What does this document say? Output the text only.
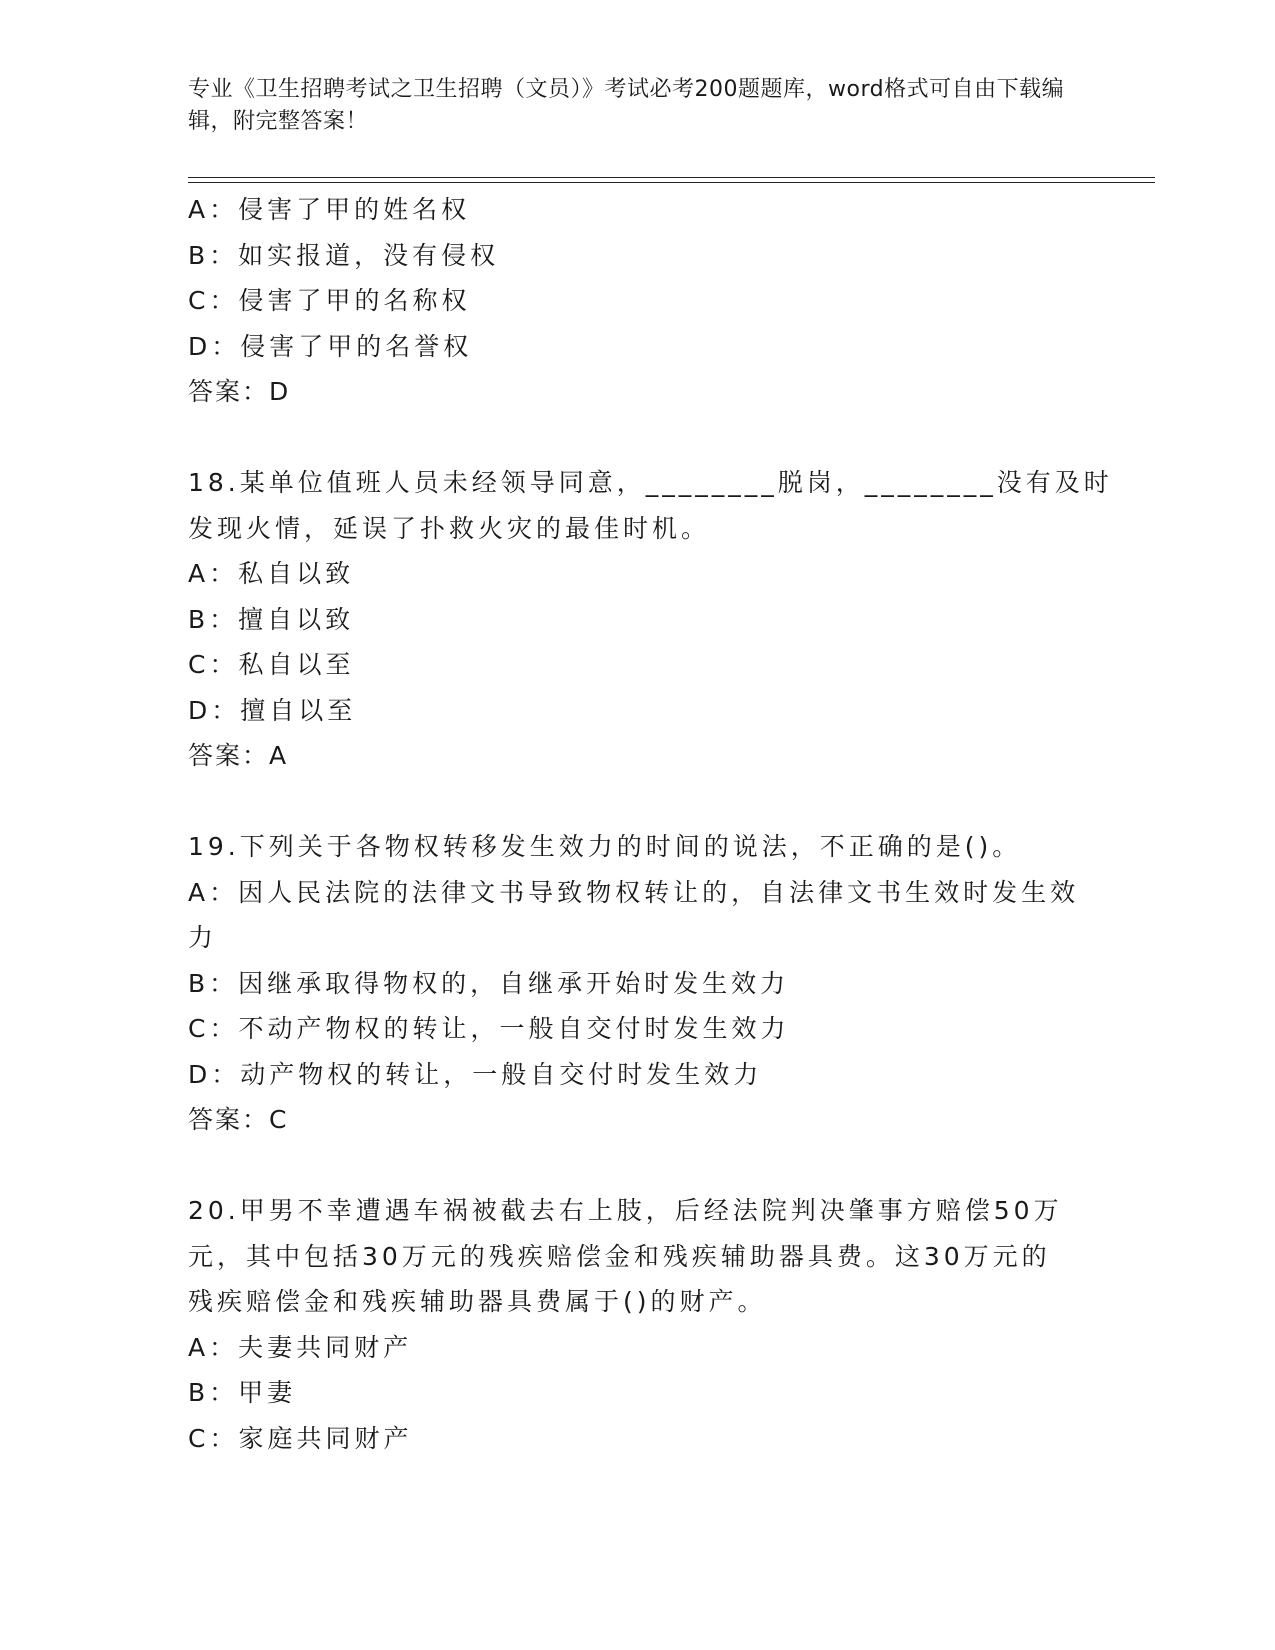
专业《卫生招聘考试之卫生招聘（文员）》考试必考200题题库，word格式可自由下载编辑，附完整答案！

A：侵害了甲的姓名权

B：如实报道，没有侵权

C：侵害了甲的名称权

D：侵害了甲的名誉权

答案：D

18.某单位值班人员未经领导同意，________脱岗，________没有及时

发现火情，延误了扑救火灾的最佳时机。

A：私自以致

B：擅自以致

C：私自以至

D：擅自以至

答案：A

19.下列关于各物权转移发生效力的时间的说法，不正确的是()。

A：因人民法院的法律文书导致物权转让的，自法律文书生效时发生效

力

B：因继承取得物权的，自继承开始时发生效力

C：不动产物权的转让，一般自交付时发生效力

D：动产物权的转让，一般自交付时发生效力

答案：C

20.甲男不幸遭遇车祸被截去右上肢，后经法院判决肇事方赔偿50万

元，其中包括30万元的残疾赔偿金和残疾辅助器具费。这30万元的

残疾赔偿金和残疾辅助器具费属于()的财产。

A：夫妻共同财产

B：甲妻

C：家庭共同财产
